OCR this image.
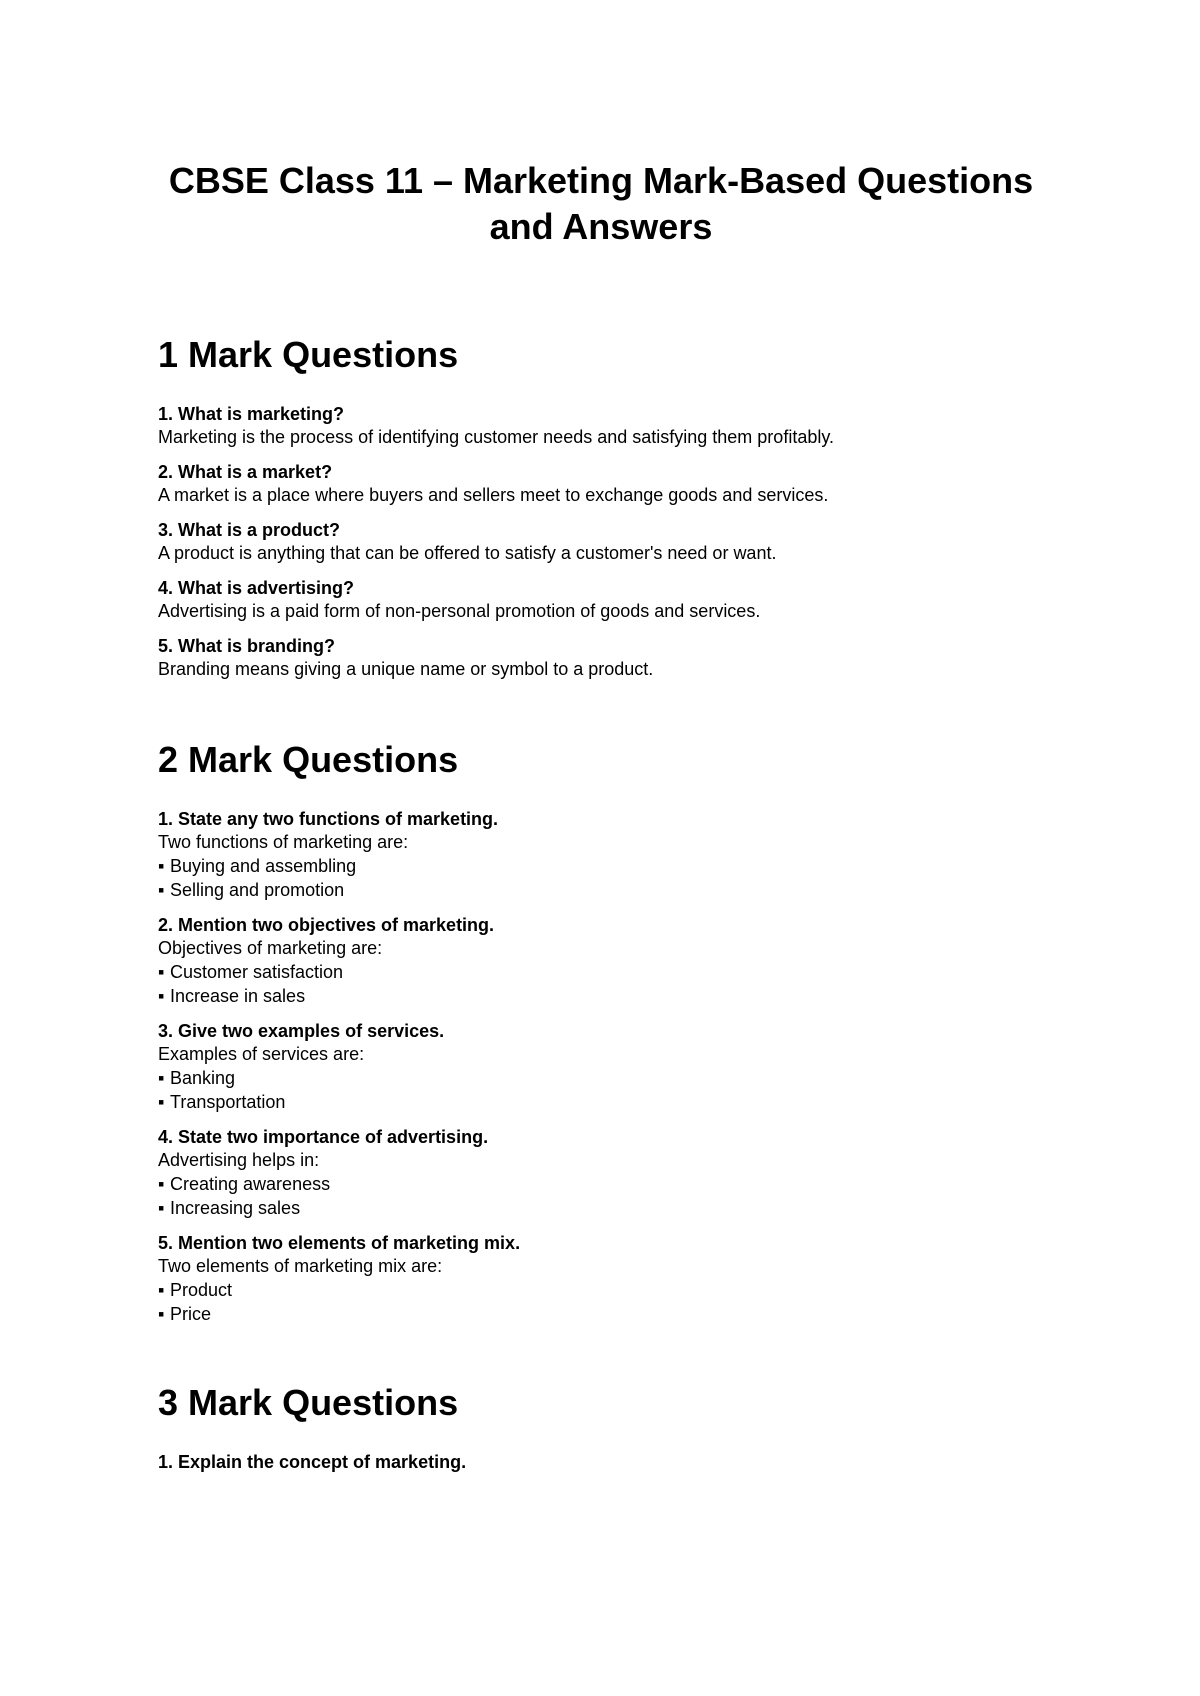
CBSE Class 11 – Marketing Mark-Based Questions and Answers
1 Mark Questions

1. What is marketing?

Marketing is the process of identifying customer needs and satisfying them profitably.

2. What is a market?

A market is a place where buyers and sellers meet to exchange goods and services.

3. What is a product?

A product is anything that can be offered to satisfy a customer's need or want.

4. What is advertising?

Advertising is a paid form of non-personal promotion of goods and services.

5. What is branding?

Branding means giving a unique name or symbol to a product.

2 Mark Questions

1. State any two functions of marketing.

Two functions of marketing are:

▪ Buying and assembling

▪ Selling and promotion

2. Mention two objectives of marketing.

Objectives of marketing are:

▪ Customer satisfaction

▪ Increase in sales

3. Give two examples of services.

Examples of services are:

▪ Banking

▪ Transportation

4. State two importance of advertising.

Advertising helps in:

▪ Creating awareness

▪ Increasing sales

5. Mention two elements of marketing mix.

Two elements of marketing mix are:

▪ Product

▪ Price

3 Mark Questions

1. Explain the concept of marketing.
